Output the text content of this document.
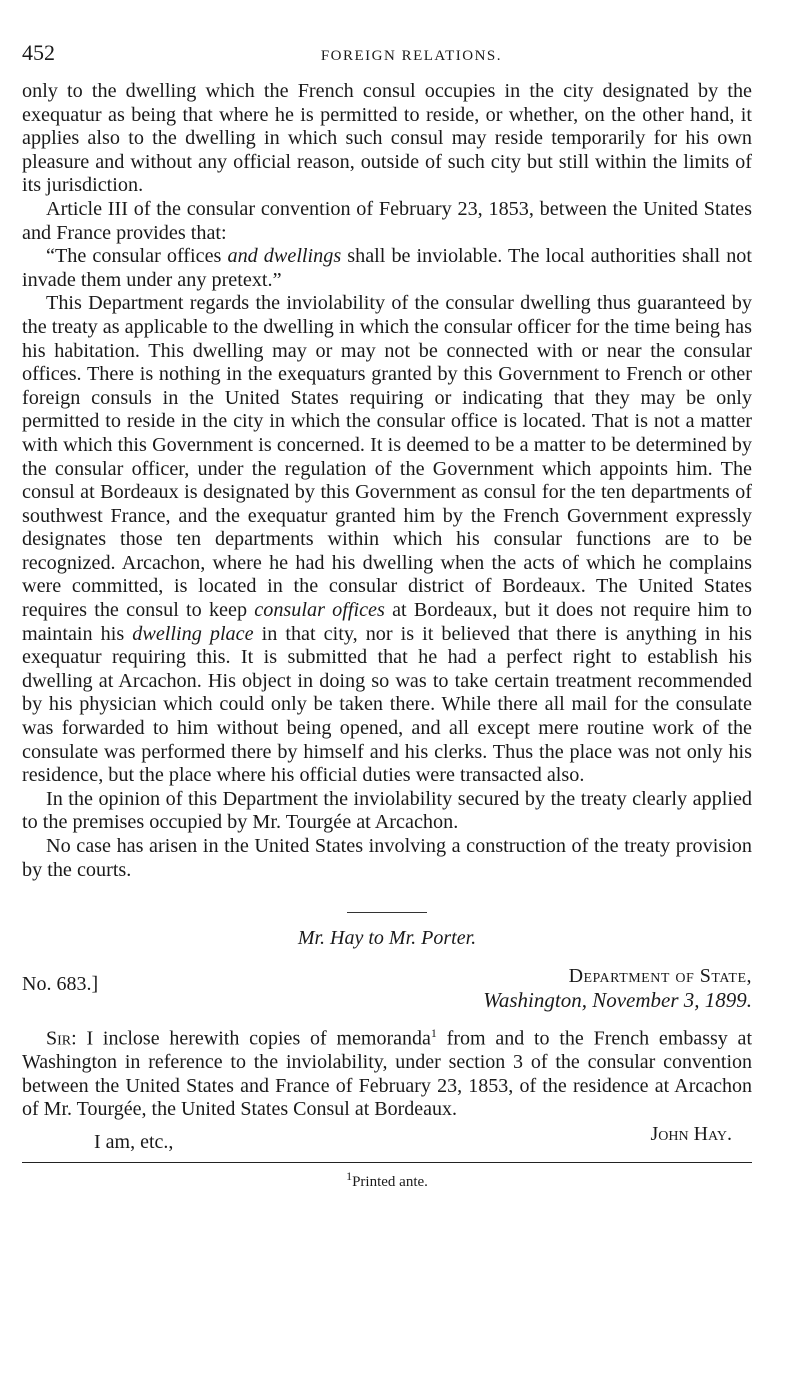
452	FOREIGN RELATIONS.

only to the dwelling which the French consul occupies in the city designated by the exequatur as being that where he is permitted to reside, or whether, on the other hand, it applies also to the dwelling in which such consul may reside temporarily for his own pleasure and without any official reason, outside of such city but still within the limits of its jurisdiction.

Article III of the consular convention of February 23, 1853, between the United States and France provides that:

“The consular offices and dwellings shall be inviolable. The local authorities shall not invade them under any pretext.”

This Department regards the inviolability of the consular dwelling thus guaranteed by the treaty as applicable to the dwelling in which the consular officer for the time being has his habitation. This dwelling may or may not be connected with or near the consular offices. There is nothing in the exequaturs granted by this Government to French or other foreign consuls in the United States requiring or indicating that they may be only permitted to reside in the city in which the consular office is located. That is not a matter with which this Government is concerned. It is deemed to be a matter to be determined by the consular officer, under the regulation of the Government which appoints him. The consul at Bordeaux is designated by this Government as consul for the ten departments of southwest France, and the exequatur granted him by the French Government expressly designates those ten departments within which his consular functions are to be recognized. Arcachon, where he had his dwelling when the acts of which he complains were committed, is located in the consular district of Bordeaux. The United States requires the consul to keep consular offices at Bordeaux, but it does not require him to maintain his dwelling place in that city, nor is it believed that there is anything in his exequatur requiring this. It is submitted that he had a perfect right to establish his dwelling at Arcachon. His object in doing so was to take certain treatment recommended by his physician which could only be taken there. While there all mail for the consulate was forwarded to him without being opened, and all except mere routine work of the consulate was performed there by himself and his clerks. Thus the place was not only his residence, but the place where his official duties were transacted also.

In the opinion of this Department the inviolability secured by the treaty clearly applied to the premises occupied by Mr. Tourgée at Arcachon.

No case has arisen in the United States involving a construction of the treaty provision by the courts.

Mr. Hay to Mr. Porter.
No. 683.]	Department of State,
Washington, November 3, 1899.

Sir: I inclose herewith copies of memoranda$^1$ from and to the French embassy at Washington in reference to the inviolability, under section 3 of the consular convention between the United States and France of February 23, 1853, of the residence at Arcachon of Mr. Tourgée, the United States Consul at Bordeaux.

I am, etc.,	John Hay.
$^1$Printed ante.
